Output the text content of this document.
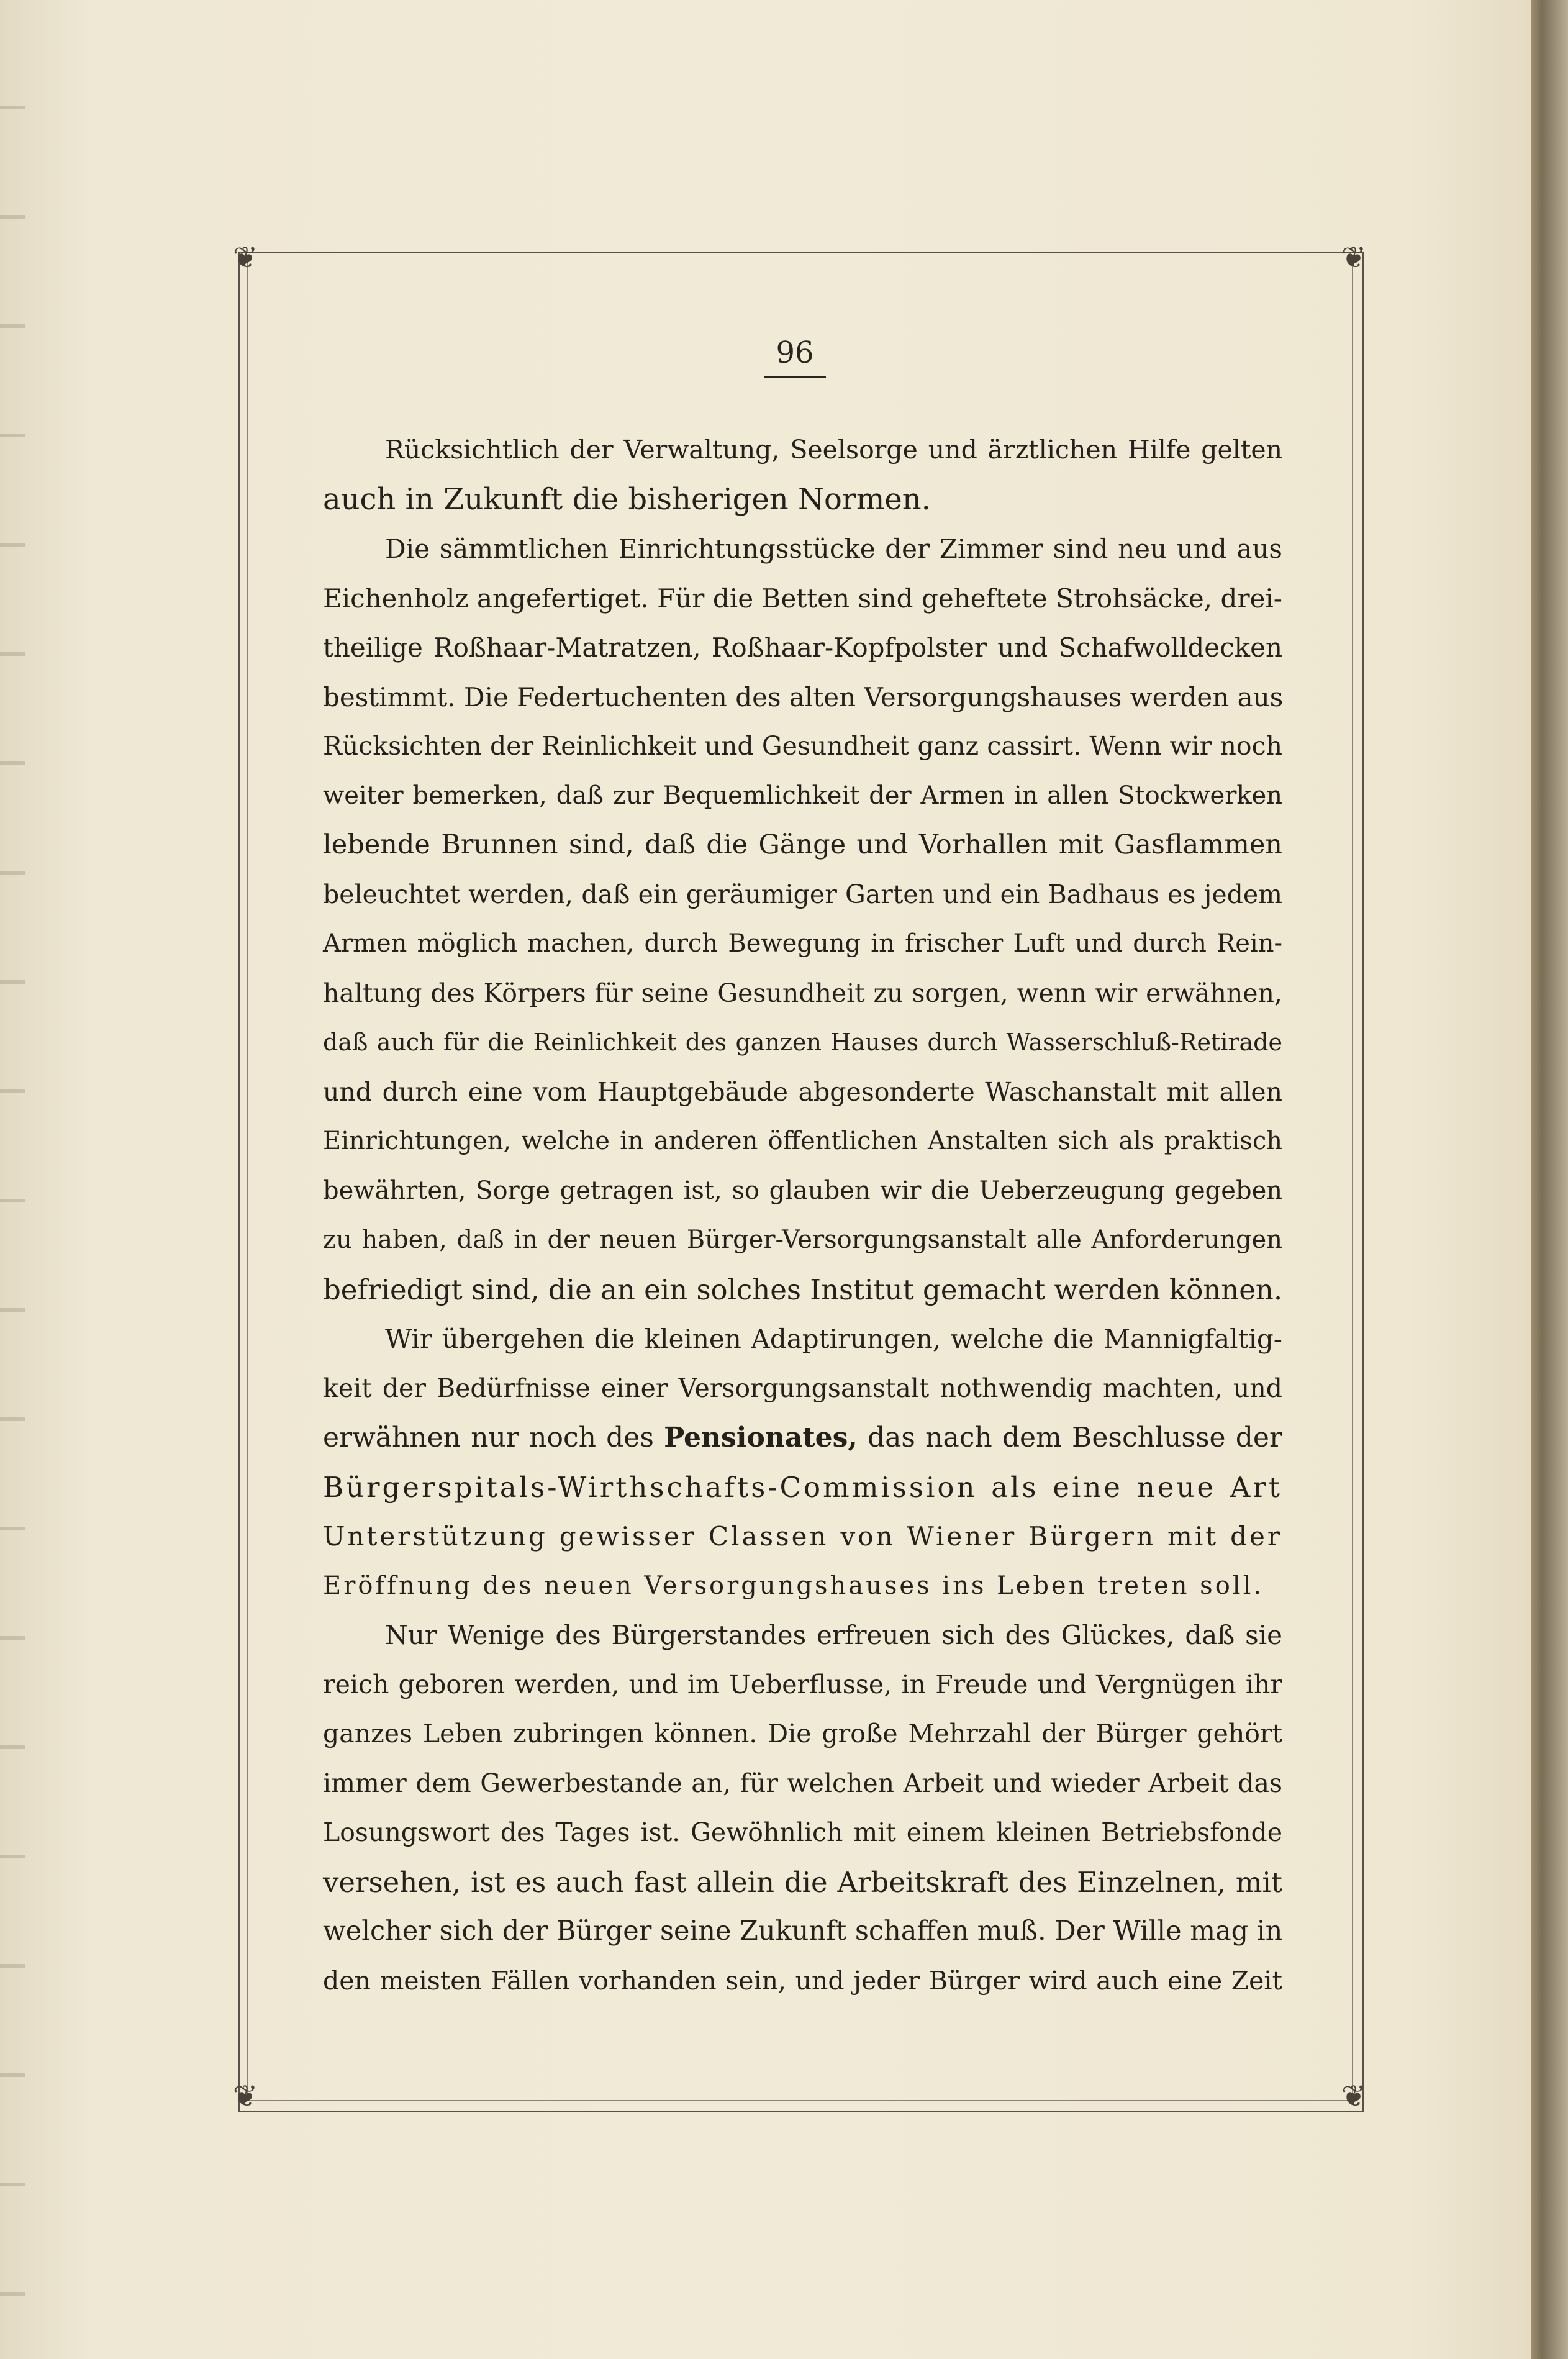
❦	❦
❦	❦
96
Rücksichtlich der Verwaltung, Seelsorge und ärztlichen Hilfe gelten
auch in Zukunft die bisherigen Normen.
Die sämmtlichen Einrichtungsstücke der Zimmer sind neu und aus
Eichenholz angefertiget. Für die Betten sind geheftete Strohsäcke, drei-
theilige Roßhaar-Matratzen, Roßhaar-Kopfpolster und Schafwolldecken
bestimmt. Die Federtuchenten des alten Versorgungshauses werden aus
Rücksichten der Reinlichkeit und Gesundheit ganz cassirt. Wenn wir noch
weiter bemerken, daß zur Bequemlichkeit der Armen in allen Stockwerken
lebende Brunnen sind, daß die Gänge und Vorhallen mit Gasflammen
beleuchtet werden, daß ein geräumiger Garten und ein Badhaus es jedem
Armen möglich machen, durch Bewegung in frischer Luft und durch Rein-
haltung des Körpers für seine Gesundheit zu sorgen, wenn wir erwähnen,
daß auch für die Reinlichkeit des ganzen Hauses durch Wasserschluß-Retirade
und durch eine vom Hauptgebäude abgesonderte Waschanstalt mit allen
Einrichtungen, welche in anderen öffentlichen Anstalten sich als praktisch
bewährten, Sorge getragen ist, so glauben wir die Ueberzeugung gegeben
zu haben, daß in der neuen Bürger-Versorgungsanstalt alle Anforderungen
befriedigt sind, die an ein solches Institut gemacht werden können.
Wir übergehen die kleinen Adaptirungen, welche die Mannigfaltig-
keit der Bedürfnisse einer Versorgungsanstalt nothwendig machten, und
erwähnen nur noch des Pensionates, das nach dem Beschlusse der
Bürgerspitals-Wirthschafts-Commission als eine neue Art
Unterstützung gewisser Classen von Wiener Bürgern mit der
Eröffnung des neuen Versorgungshauses ins Leben treten soll.
Nur Wenige des Bürgerstandes erfreuen sich des Glückes, daß sie
reich geboren werden, und im Ueberflusse, in Freude und Vergnügen ihr
ganzes Leben zubringen können. Die große Mehrzahl der Bürger gehört
immer dem Gewerbestande an, für welchen Arbeit und wieder Arbeit das
Losungswort des Tages ist. Gewöhnlich mit einem kleinen Betriebsfonde
versehen, ist es auch fast allein die Arbeitskraft des Einzelnen, mit
welcher sich der Bürger seine Zukunft schaffen muß. Der Wille mag in
den meisten Fällen vorhanden sein, und jeder Bürger wird auch eine Zeit
